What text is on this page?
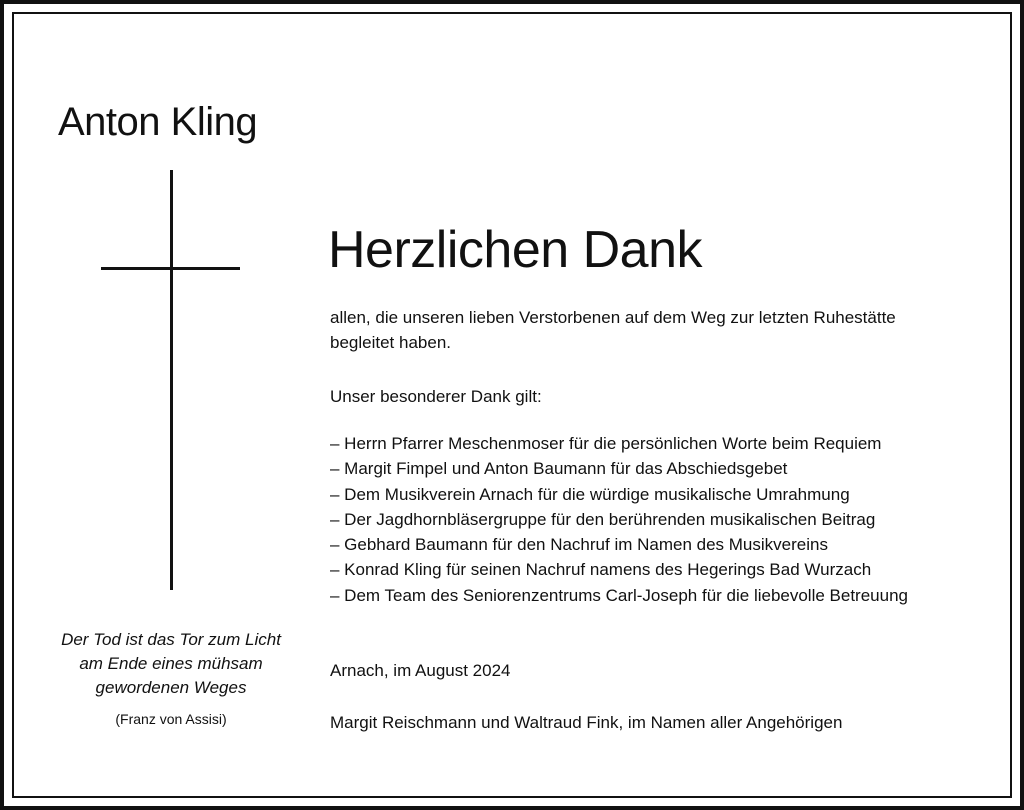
Anton Kling
Der Tod ist das Tor zum Licht
am Ende eines mühsam
gewordenen Weges
(Franz von Assisi)
Herzlichen Dank
allen, die unseren lieben Verstorbenen auf dem Weg zur letzten Ruhestätte
begleitet haben.
Unser besonderer Dank gilt:
– Herrn Pfarrer Meschenmoser für die persönlichen Worte beim Requiem
– Margit Fimpel und Anton Baumann für das Abschiedsgebet
– Dem Musikverein Arnach für die würdige musikalische Umrahmung
– Der Jagdhornbläsergruppe für den berührenden musikalischen Beitrag
– Gebhard Baumann für den Nachruf im Namen des Musikvereins
– Konrad Kling für seinen Nachruf namens des Hegerings Bad Wurzach
– Dem Team des Seniorenzentrums Carl-Joseph für die liebevolle Betreuung
Arnach, im August 2024
Margit Reischmann und Waltraud Fink, im Namen aller Angehörigen
